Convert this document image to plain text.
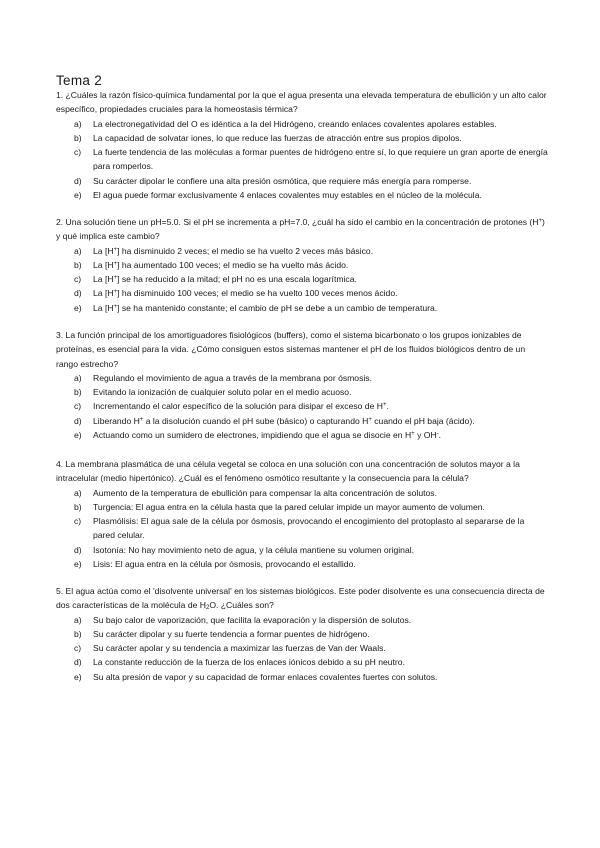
Tema 2
1. ¿Cuáles la razón físico-química fundamental por la que el agua presenta una elevada temperatura de ebullición y un alto calor específico, propiedades cruciales para la homeostasis térmica?
a) La electronegatividad del O es idéntica a la del Hidrógeno, creando enlaces covalentes apolares estables.
b) La capacidad de solvatar iones, lo que reduce las fuerzas de atracción entre sus propios dipolos.
c) La fuerte tendencia de las moléculas a formar puentes de hidrógeno entre sí, lo que requiere un gran aporte de energía para romperlos.
d) Su carácter dipolar le confiere una alta presión osmótica, que requiere más energía para romperse.
e) El agua puede formar exclusivamente 4 enlaces covalentes muy estables en el núcleo de la molécula.
2. Una solución tiene un pH=5.0. Si el pH se incrementa a pH=7.0, ¿cuál ha sido el cambio en la concentración de protones (H+) y qué implica este cambio?
a) La [H+] ha disminuido 2 veces; el medio se ha vuelto 2 veces más básico.
b) La [H+] ha aumentado 100 veces; el medio se ha vuelto más ácido.
c) La [H+] se ha reducido a la mitad; el pH no es una escala logarítmica.
d) La [H+] ha disminuido 100 veces; el medio se ha vuelto 100 veces menos ácido.
e) La [H+] se ha mantenido constante; el cambio de pH se debe a un cambio de temperatura.
3. La función principal de los amortiguadores fisiológicos (buffers), como el sistema bicarbonato o los grupos ionizables de proteínas, es esencial para la vida. ¿Cómo consiguen estos sistemas mantener el pH de los fluidos biológicos dentro de un rango estrecho?
a) Regulando el movimiento de agua a través de la membrana por ósmosis.
b) Evitando la ionización de cualquier soluto polar en el medio acuoso.
c) Incrementando el calor específico de la solución para disipar el exceso de H+.
d) Liberando H+ a la disolución cuando el pH sube (básico) o capturando H+ cuando el pH baja (ácido).
e) Actuando como un sumidero de electrones, impidiendo que el agua se disocie en H+ y OH-.
4. La membrana plasmática de una célula vegetal se coloca en una solución con una concentración de solutos mayor a la intracelular (medio hipertónico). ¿Cuál es el fenómeno osmótico resultante y la consecuencia para la célula?
a) Aumento de la temperatura de ebullición para compensar la alta concentración de solutos.
b) Turgencia: El agua entra en la célula hasta que la pared celular impide un mayor aumento de volumen.
c) Plasmólisis: El agua sale de la célula por ósmosis, provocando el encogimiento del protoplasto al separarse de la pared celular.
d) Isotonía: No hay movimiento neto de agua, y la célula mantiene su volumen original.
e) Lisis: El agua entra en la célula por ósmosis, provocando el estallido.
5. El agua actúa como el 'disolvente universal' en los sistemas biológicos. Este poder disolvente es una consecuencia directa de dos características de la molécula de $H_2O$. ¿Cuáles son?
a) Su bajo calor de vaporización, que facilita la evaporación y la dispersión de solutos.
b) Su carácter dipolar y su fuerte tendencia a formar puentes de hidrógeno.
c) Su carácter apolar y su tendencia a maximizar las fuerzas de Van der Waals.
d) La constante reducción de la fuerza de los enlaces iónicos debido a su pH neutro.
e) Su alta presión de vapor y su capacidad de formar enlaces covalentes fuertes con solutos.
